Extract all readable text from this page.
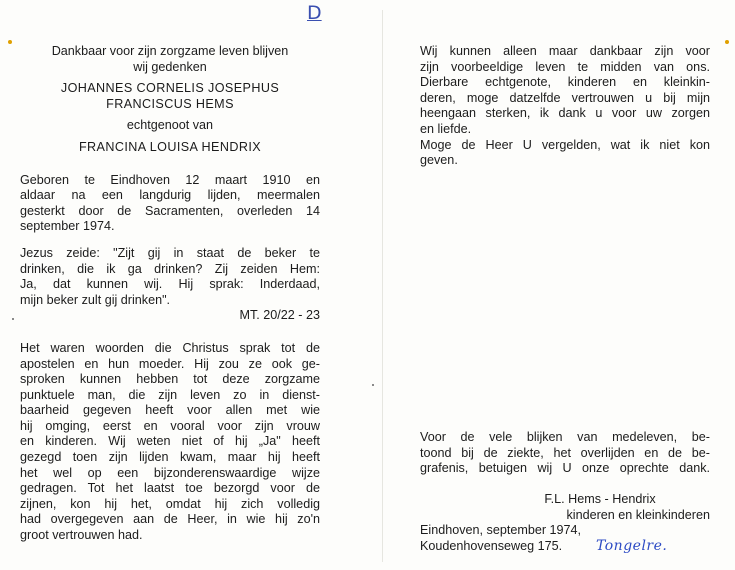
D
Dankbaar voor zijn zorgzame leven blijven
wij gedenken
JOHANNES CORNELIS JOSEPHUS
FRANCISCUS HEMS
echtgenoot van
FRANCINA LOUISA HENDRIX
Geboren te Eindhoven 12 maart 1910 en
aldaar na een langdurig lijden, meermalen
gesterkt door de Sacramenten, overleden 14
september 1974.
Jezus zeide: "Zijt gij in staat de beker te
drinken, die ik ga drinken? Zij zeiden Hem:
Ja, dat kunnen wij. Hij sprak: Inderdaad,
mijn beker zult gij drinken".
MT. 20/22 - 23
Het waren woorden die Christus sprak tot de
apostelen en hun moeder. Hij zou ze ook ge-
sproken kunnen hebben tot deze zorgzame
punktuele man, die zijn leven zo in dienst-
baarheid gegeven heeft voor allen met wie
hij omging, eerst en vooral voor zijn vrouw
en kinderen. Wij weten niet of hij „Ja" heeft
gezegd toen zijn lijden kwam, maar hij heeft
het wel op een bijzonderenswaardige wijze
gedragen. Tot het laatst toe bezorgd voor de
zijnen, kon hij het, omdat hij zich volledig
had overgegeven aan de Heer, in wie hij zo'n
groot vertrouwen had.
Wij kunnen alleen maar dankbaar zijn voor
zijn voorbeeldige leven te midden van ons.
Dierbare echtgenote, kinderen en kleinkin-
deren, moge datzelfde vertrouwen u bij mijn
heengaan sterken, ik dank u voor uw zorgen
en liefde.
Moge de Heer U vergelden, wat ik niet kon
geven.
Voor de vele blijken van medeleven, be-
toond bij de ziekte, het overlijden en de be-
grafenis, betuigen wij U onze oprechte dank.
F.L. Hems - Hendrix
kinderen en kleinkinderen
Eindhoven, september 1974,
Koudenhovenseweg 175.	Tongelre.
